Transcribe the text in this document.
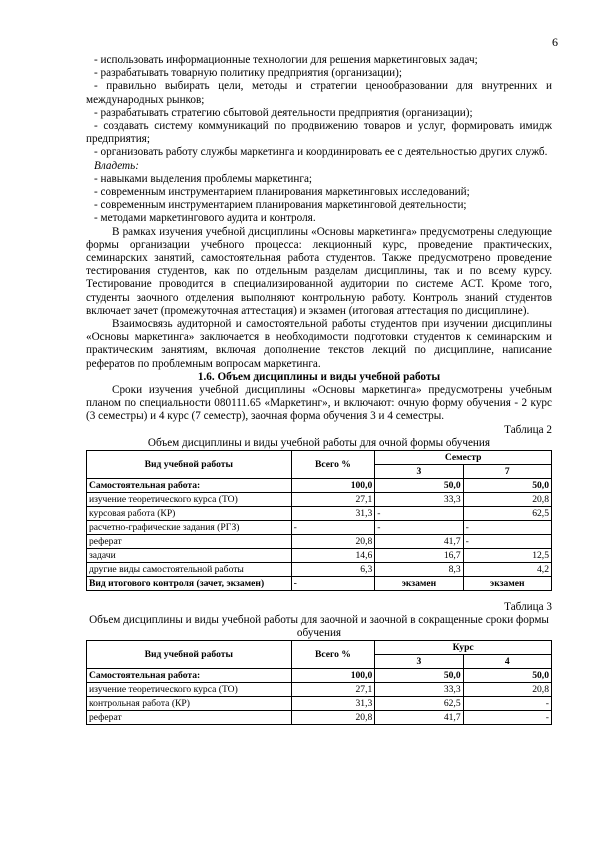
6

- использовать информационные технологии для решения маркетинговых задач;

- разрабатывать товарную политику предприятия (организации);

- правильно выбирать цели, методы и стратегии ценообразовании для внутренних и международных рынков;

- разрабатывать стратегию сбытовой деятельности предприятия (организации);

- создавать систему коммуникаций по продвижению товаров и услуг, формировать имидж предприятия;

- организовать работу службы маркетинга и координировать ее с деятельностью других служб.

Владеть:

- навыками выделения проблемы маркетинга;

- современным инструментарием планирования маркетинговых исследований;

- современным инструментарием планирования маркетинговой деятельности;

- методами маркетингового аудита и контроля.

В рамках изучения учебной дисциплины «Основы маркетинга» предусмотрены следующие формы организации учебного процесса: лекционный курс, проведение практических, семинарских занятий, самостоятельная работа студентов. Также предусмотрено проведение тестирования студентов, как по отдельным разделам дисциплины, так и по всему курсу. Тестирование проводится в специализированной аудитории по системе АСТ. Кроме того, студенты заочного отделения выполняют контрольную работу. Контроль знаний студентов включает зачет (промежуточная аттестация) и экзамен (итоговая аттестация по дисциплине).

Взаимосвязь аудиторной и самостоятельной работы студентов при изучении дисциплины «Основы маркетинга» заключается в необходимости подготовки студентов к семинарским и практическим занятиям, включая дополнение текстов лекций по дисциплине, написание рефератов по проблемным вопросам маркетинга.

1.6. Объем дисциплины и виды учебной работы

Сроки изучения учебной дисциплины «Основы маркетинга» предусмотрены учебным планом по специальности 080111.65 «Маркетинг», и включают: очную форму обучения - 2 курс (3 семестры) и 4 курс (7 семестр), заочная форма обучения 3 и 4 семестры.

Таблица 2

Объем дисциплины и виды учебной работы для очной формы обучения

Вид учебной работы	Всего %	Семестр	
		3	7
Самостоятельная работа:	100,0	50,0	50,0
изучение теоретического курса (ТО)	27,1	33,3	20,8
курсовая работа (КР)	31,3	-	62,5
расчетно-графические задания (РГЗ)	-	-	-
реферат	20,8	41,7	-
задачи	14,6	16,7	12,5
другие виды самостоятельной работы	6,3	8,3	4,2
Вид итогового контроля (зачет, экзамен)	-	экзамен	экзамен

Таблица 3

Объем дисциплины и виды учебной работы для заочной и заочной в сокращенные сроки формы обучения

Вид учебной работы	Всего %	Курс	
		3	4
Самостоятельная работа:	100,0	50,0	50,0
изучение теоретического курса (ТО)	27,1	33,3	20,8
контрольная работа (КР)	31,3	62,5	-
реферат	20,8	41,7	-
